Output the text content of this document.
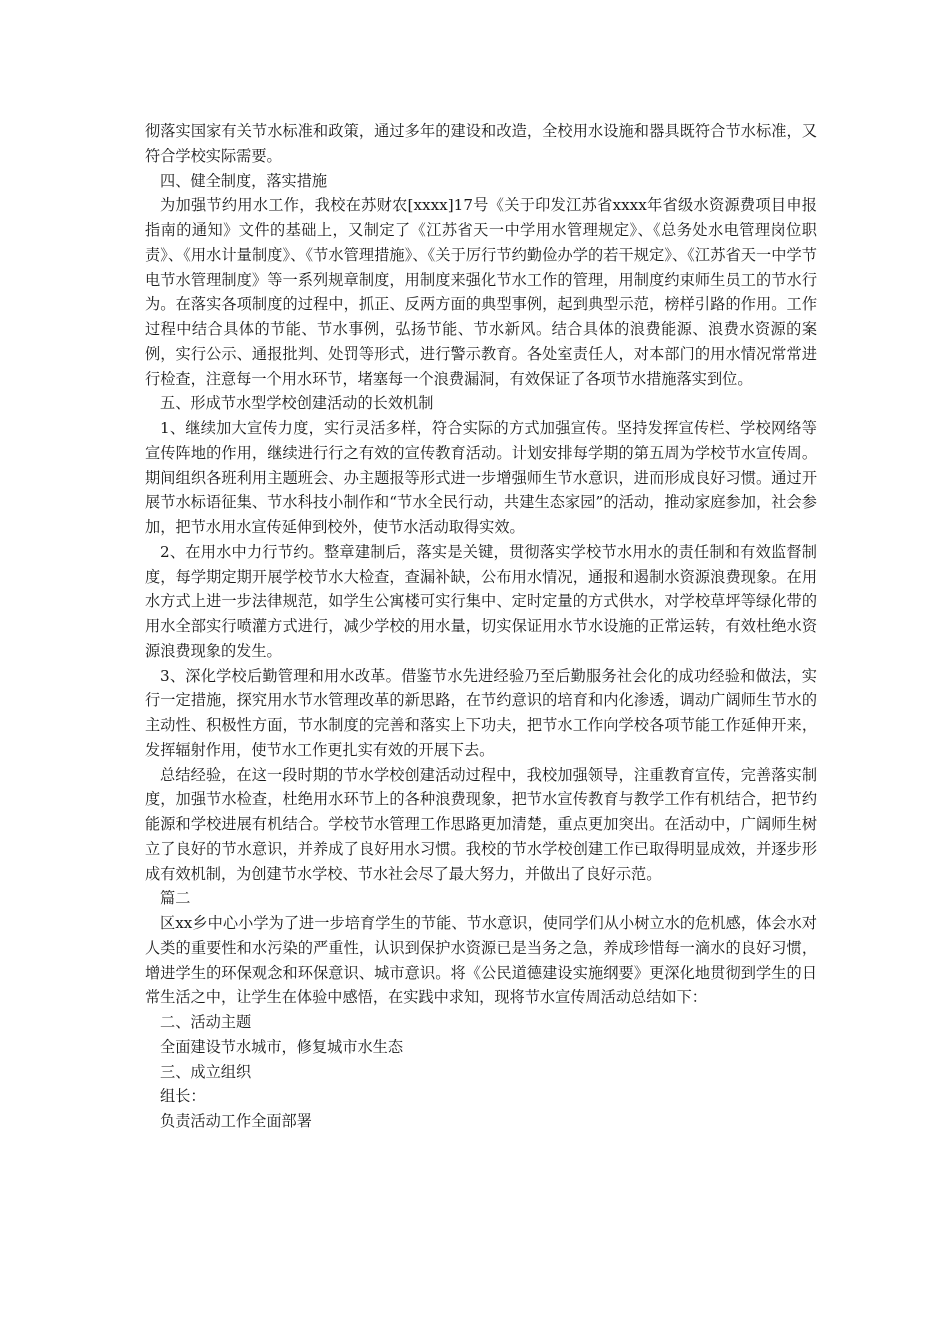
彻落实国家有关节水标准和政策，通过多年的建设和改造，全校用水设施和器具既符合节水标准，又符合学校实际需要。

四、健全制度，落实措施

为加强节约用水工作，我校在苏财农[xxxx]17号《关于印发江苏省xxxx年省级水资源费项目申报指南的通知》文件的基础上，又制定了《江苏省天一中学用水管理规定》、《总务处水电管理岗位职责》、《用水计量制度》、《节水管理措施》、《关于厉行节约勤俭办学的若干规定》、《江苏省天一中学节电节水管理制度》等一系列规章制度，用制度来强化节水工作的管理，用制度约束师生员工的节水行为。在落实各项制度的过程中，抓正、反两方面的典型事例，起到典型示范，榜样引路的作用。工作过程中结合具体的节能、节水事例，弘扬节能、节水新风。结合具体的浪费能源、浪费水资源的案例，实行公示、通报批判、处罚等形式，进行警示教育。各处室责任人，对本部门的用水情况常常进行检查，注意每一个用水环节，堵塞每一个浪费漏洞，有效保证了各项节水措施落实到位。

五、形成节水型学校创建活动的长效机制

1、继续加大宣传力度，实行灵活多样，符合实际的方式加强宣传。坚持发挥宣传栏、学校网络等宣传阵地的作用，继续进行行之有效的宣传教育活动。计划安排每学期的第五周为学校节水宣传周。期间组织各班利用主题班会、办主题报等形式进一步增强师生节水意识，进而形成良好习惯。通过开展节水标语征集、节水科技小制作和“节水全民行动，共建生态家园”的活动，推动家庭参加，社会参加，把节水用水宣传延伸到校外，使节水活动取得实效。

2、在用水中力行节约。整章建制后，落实是关键，贯彻落实学校节水用水的责任制和有效监督制度，每学期定期开展学校节水大检查，查漏补缺，公布用水情况，通报和遏制水资源浪费现象。在用水方式上进一步法律规范，如学生公寓楼可实行集中、定时定量的方式供水，对学校草坪等绿化带的用水全部实行喷灌方式进行，减少学校的用水量，切实保证用水节水设施的正常运转，有效杜绝水资源浪费现象的发生。

3、深化学校后勤管理和用水改革。借鉴节水先进经验乃至后勤服务社会化的成功经验和做法，实行一定措施，探究用水节水管理改革的新思路，在节约意识的培育和内化渗透，调动广阔师生节水的主动性、积极性方面，节水制度的完善和落实上下功夫，把节水工作向学校各项节能工作延伸开来，发挥辐射作用，使节水工作更扎实有效的开展下去。

总结经验，在这一段时期的节水学校创建活动过程中，我校加强领导，注重教育宣传，完善落实制度，加强节水检查，杜绝用水环节上的各种浪费现象，把节水宣传教育与教学工作有机结合，把节约能源和学校进展有机结合。学校节水管理工作思路更加清楚，重点更加突出。在活动中，广阔师生树立了良好的节水意识，并养成了良好用水习惯。我校的节水学校创建工作已取得明显成效，并逐步形成有效机制，为创建节水学校、节水社会尽了最大努力，并做出了良好示范。

篇二

区xx乡中心小学为了进一步培育学生的节能、节水意识，使同学们从小树立水的危机感，体会水对人类的重要性和水污染的严重性，认识到保护水资源已是当务之急，养成珍惜每一滴水的良好习惯，增进学生的环保观念和环保意识、城市意识。将《公民道德建设实施纲要》更深化地贯彻到学生的日常生活之中，让学生在体验中感悟，在实践中求知，现将节水宣传周活动总结如下：

二、活动主题

全面建设节水城市，修复城市水生态

三、成立组织

组长：

负责活动工作全面部署
